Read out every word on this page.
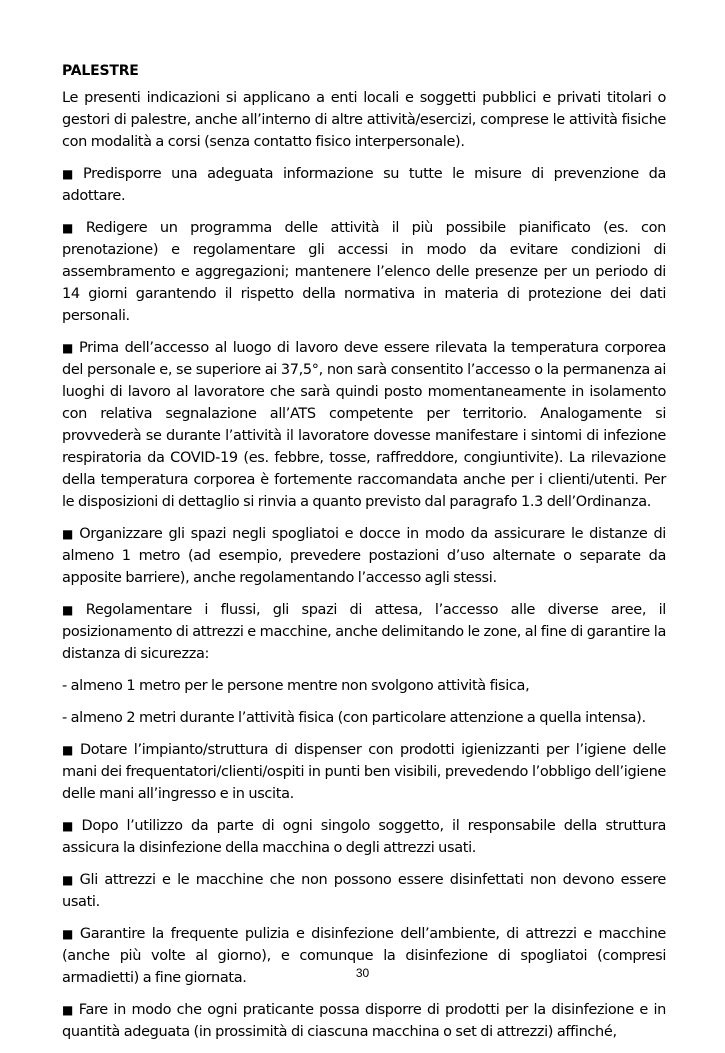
PALESTRE

Le presenti indicazioni si applicano a enti locali e soggetti pubblici e privati titolari o gestori di palestre, anche all’interno di altre attività/esercizi, comprese le attività fisiche con modalità a corsi (senza contatto fisico interpersonale).

■ Predisporre una adeguata informazione su tutte le misure di prevenzione da adottare.

■ Redigere un programma delle attività il più possibile pianificato (es. con prenotazione) e regolamentare gli accessi in modo da evitare condizioni di assembramento e aggregazioni; mantenere l’elenco delle presenze per un periodo di 14 giorni garantendo il rispetto della normativa in materia di protezione dei dati personali.

■ Prima dell’accesso al luogo di lavoro deve essere rilevata la temperatura corporea del personale e, se superiore ai 37,5°, non sarà consentito l’accesso o la permanenza ai luoghi di lavoro al lavoratore che sarà quindi posto momentaneamente in isolamento con relativa segnalazione all’ATS competente per territorio. Analogamente si provvederà se durante l’attività il lavoratore dovesse manifestare i sintomi di infezione respiratoria da COVID-19 (es. febbre, tosse, raffreddore, congiuntivite). La rilevazione della temperatura corporea è fortemente raccomandata anche per i clienti/utenti. Per le disposizioni di dettaglio si rinvia a quanto previsto dal paragrafo 1.3 dell’Ordinanza.

■ Organizzare gli spazi negli spogliatoi e docce in modo da assicurare le distanze di almeno 1 metro (ad esempio, prevedere postazioni d’uso alternate o separate da apposite barriere), anche regolamentando l’accesso agli stessi.

■ Regolamentare i flussi, gli spazi di attesa, l’accesso alle diverse aree, il posizionamento di attrezzi e macchine, anche delimitando le zone, al fine di garantire la distanza di sicurezza:

- almeno 1 metro per le persone mentre non svolgono attività fisica,

- almeno 2 metri durante l’attività fisica (con particolare attenzione a quella intensa).

■ Dotare l’impianto/struttura di dispenser con prodotti igienizzanti per l’igiene delle mani dei frequentatori/clienti/ospiti in punti ben visibili, prevedendo l’obbligo dell’igiene delle mani all’ingresso e in uscita.

■ Dopo l’utilizzo da parte di ogni singolo soggetto, il responsabile della struttura assicura la disinfezione della macchina o degli attrezzi usati.

■ Gli attrezzi e le macchine che non possono essere disinfettati non devono essere usati.

■ Garantire la frequente pulizia e disinfezione dell’ambiente, di attrezzi e macchine (anche più volte al giorno), e comunque la disinfezione di spogliatoi (compresi armadietti) a fine giornata.

■ Fare in modo che ogni praticante possa disporre di prodotti per la disinfezione e in quantità adeguata (in prossimità di ciascuna macchina o set di attrezzi) affinché,

30
